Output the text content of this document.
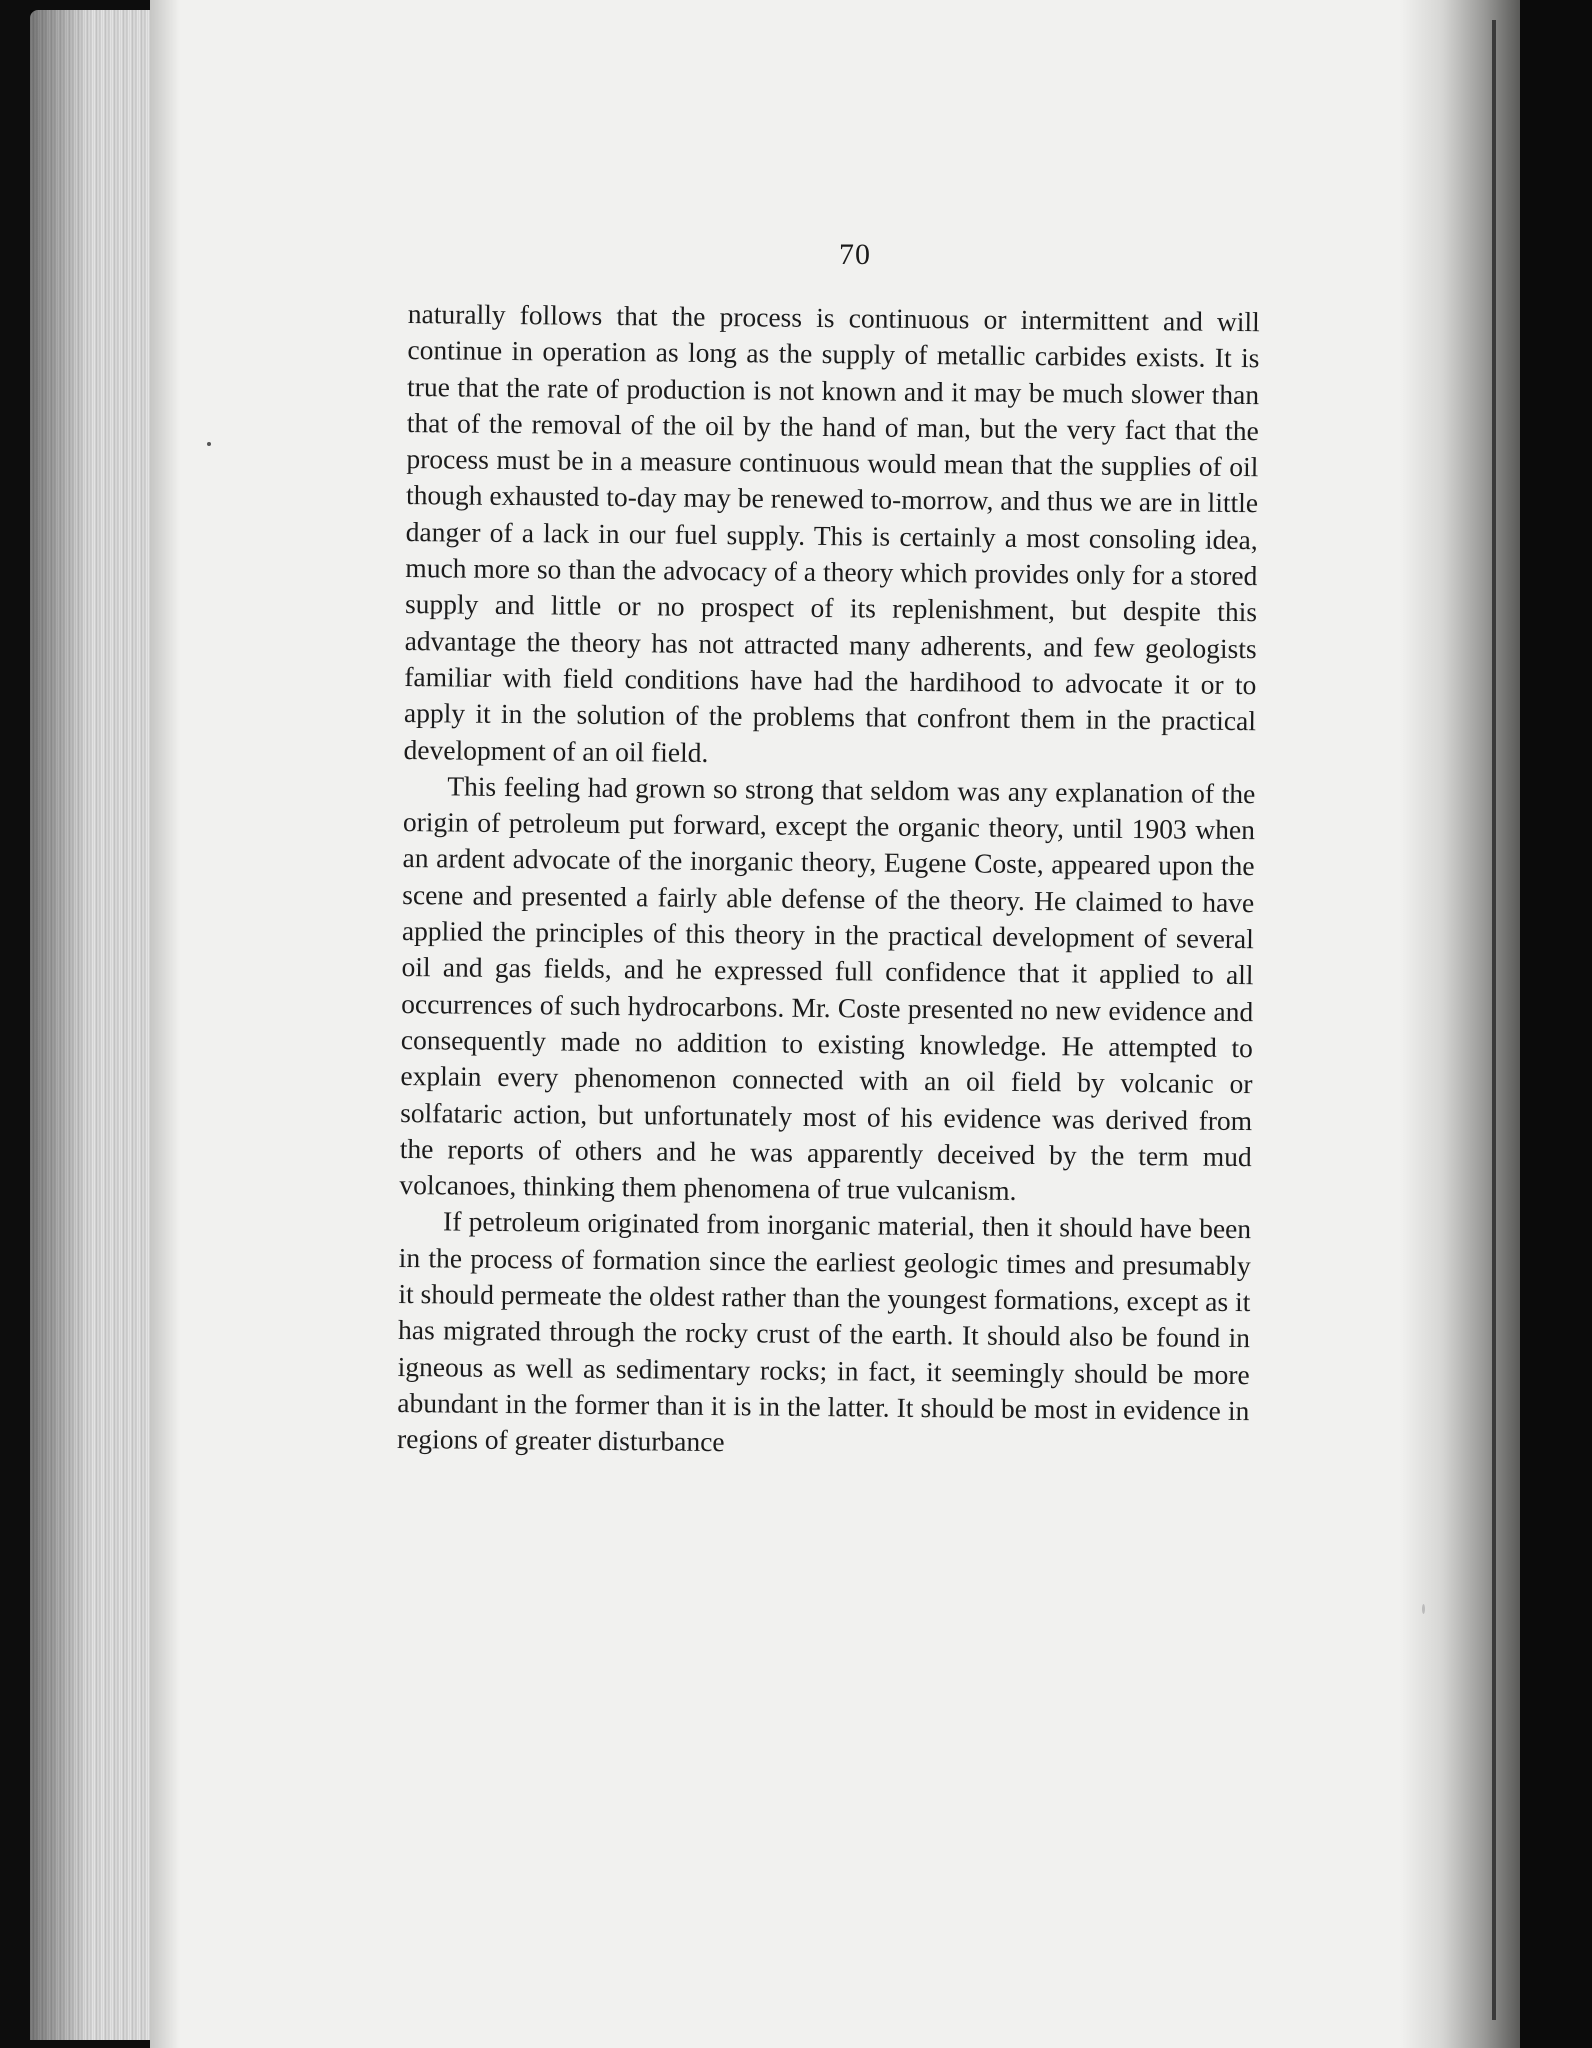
70

naturally follows that the process is continuous or intermittent and will continue in operation as long as the supply of metallic carbides exists. It is true that the rate of production is not known and it may be much slower than that of the removal of the oil by the hand of man, but the very fact that the process must be in a measure continuous would mean that the supplies of oil though exhausted to-day may be renewed to-morrow, and thus we are in little danger of a lack in our fuel supply. This is certainly a most consoling idea, much more so than the advocacy of a theory which provides only for a stored supply and little or no prospect of its replenishment, but despite this advantage the theory has not attracted many adherents, and few geologists familiar with field conditions have had the hardihood to advocate it or to apply it in the solution of the problems that confront them in the practical development of an oil field.

This feeling had grown so strong that seldom was any explanation of the origin of petroleum put forward, except the organic theory, until 1903 when an ardent advocate of the inorganic theory, Eugene Coste, appeared upon the scene and presented a fairly able defense of the theory. He claimed to have applied the principles of this theory in the practical development of several oil and gas fields, and he expressed full confidence that it applied to all occurrences of such hydrocarbons. Mr. Coste presented no new evidence and consequently made no addition to existing knowledge. He attempted to explain every phenomenon connected with an oil field by volcanic or solfataric action, but unfortunately most of his evidence was derived from the reports of others and he was apparently deceived by the term mud volcanoes, thinking them phenomena of true vulcanism.

If petroleum originated from inorganic material, then it should have been in the process of formation since the earliest geologic times and presumably it should permeate the oldest rather than the youngest formations, except as it has migrated through the rocky crust of the earth. It should also be found in igneous as well as sedimentary rocks; in fact, it seemingly should be more abundant in the former than it is in the latter. It should be most in evidence in regions of greater disturbance
